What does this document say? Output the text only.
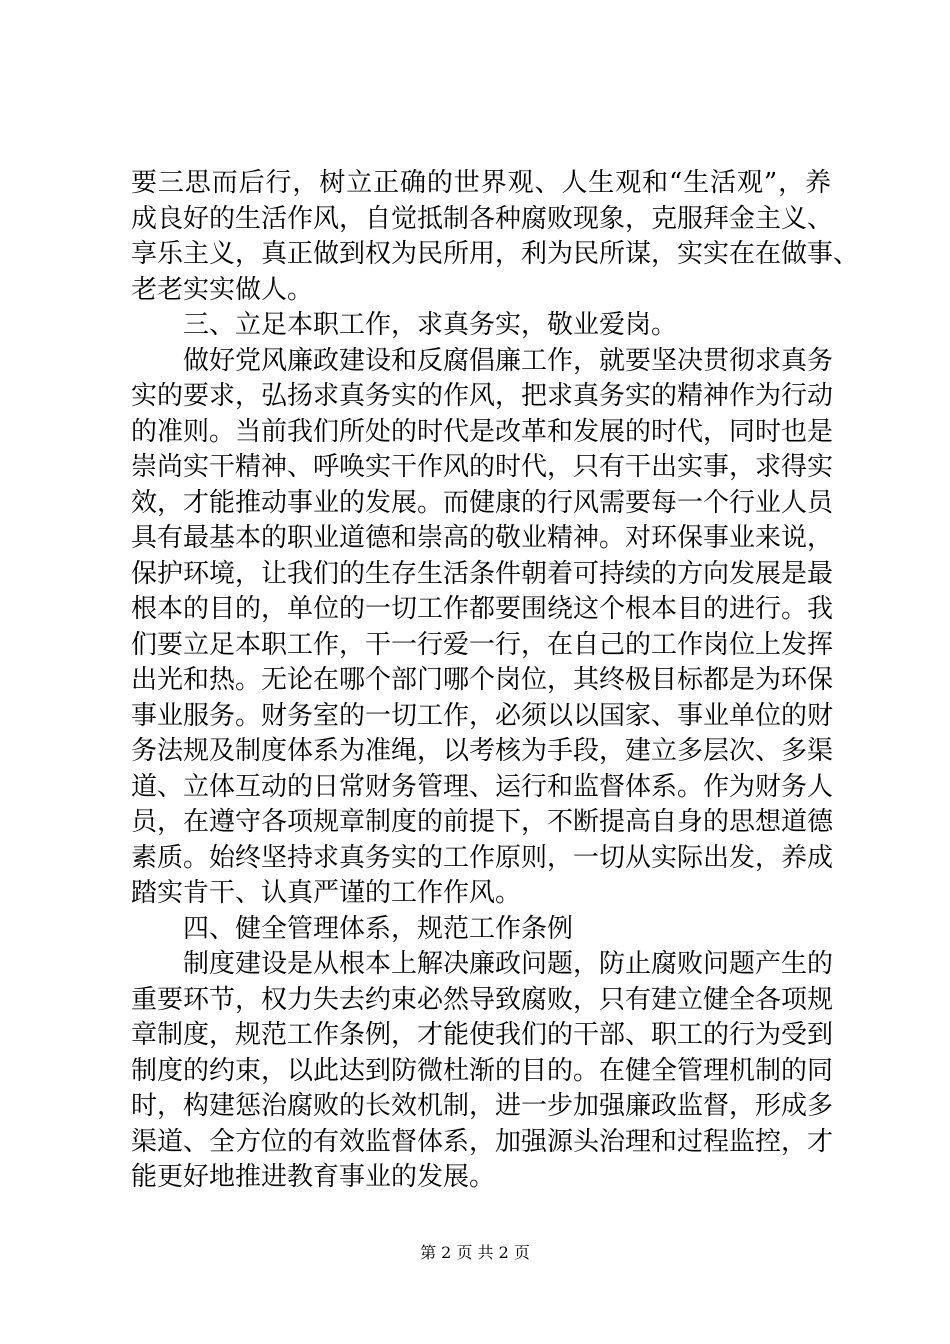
要三思而后行，树立正确的世界观、人生观和“生活观”，养
成良好的生活作风，自觉抵制各种腐败现象，克服拜金主义、
享乐主义，真正做到权为民所用，利为民所谋，实实在在做事、
老老实实做人。
三、立足本职工作，求真务实，敬业爱岗。
做好党风廉政建设和反腐倡廉工作，就要坚决贯彻求真务
实的要求，弘扬求真务实的作风，把求真务实的精神作为行动
的准则。当前我们所处的时代是改革和发展的时代，同时也是
崇尚实干精神、呼唤实干作风的时代，只有干出实事，求得实
效，才能推动事业的发展。而健康的行风需要每一个行业人员
具有最基本的职业道德和崇高的敬业精神。对环保事业来说，
保护环境，让我们的生存生活条件朝着可持续的方向发展是最
根本的目的，单位的一切工作都要围绕这个根本目的进行。我
们要立足本职工作，干一行爱一行，在自己的工作岗位上发挥
出光和热。无论在哪个部门哪个岗位，其终极目标都是为环保
事业服务。财务室的一切工作，必须以以国家、事业单位的财
务法规及制度体系为准绳，以考核为手段，建立多层次、多渠
道、立体互动的日常财务管理、运行和监督体系。作为财务人
员，在遵守各项规章制度的前提下，不断提高自身的思想道德
素质。始终坚持求真务实的工作原则，一切从实际出发，养成
踏实肯干、认真严谨的工作作风。
四、健全管理体系，规范工作条例
制度建设是从根本上解决廉政问题，防止腐败问题产生的
重要环节，权力失去约束必然导致腐败，只有建立健全各项规
章制度，规范工作条例，才能使我们的干部、职工的行为受到
制度的约束，以此达到防微杜渐的目的。在健全管理机制的同
时，构建惩治腐败的长效机制，进一步加强廉政监督，形成多
渠道、全方位的有效监督体系，加强源头治理和过程监控，才
能更好地推进教育事业的发展。
第 2 页 共 2 页
